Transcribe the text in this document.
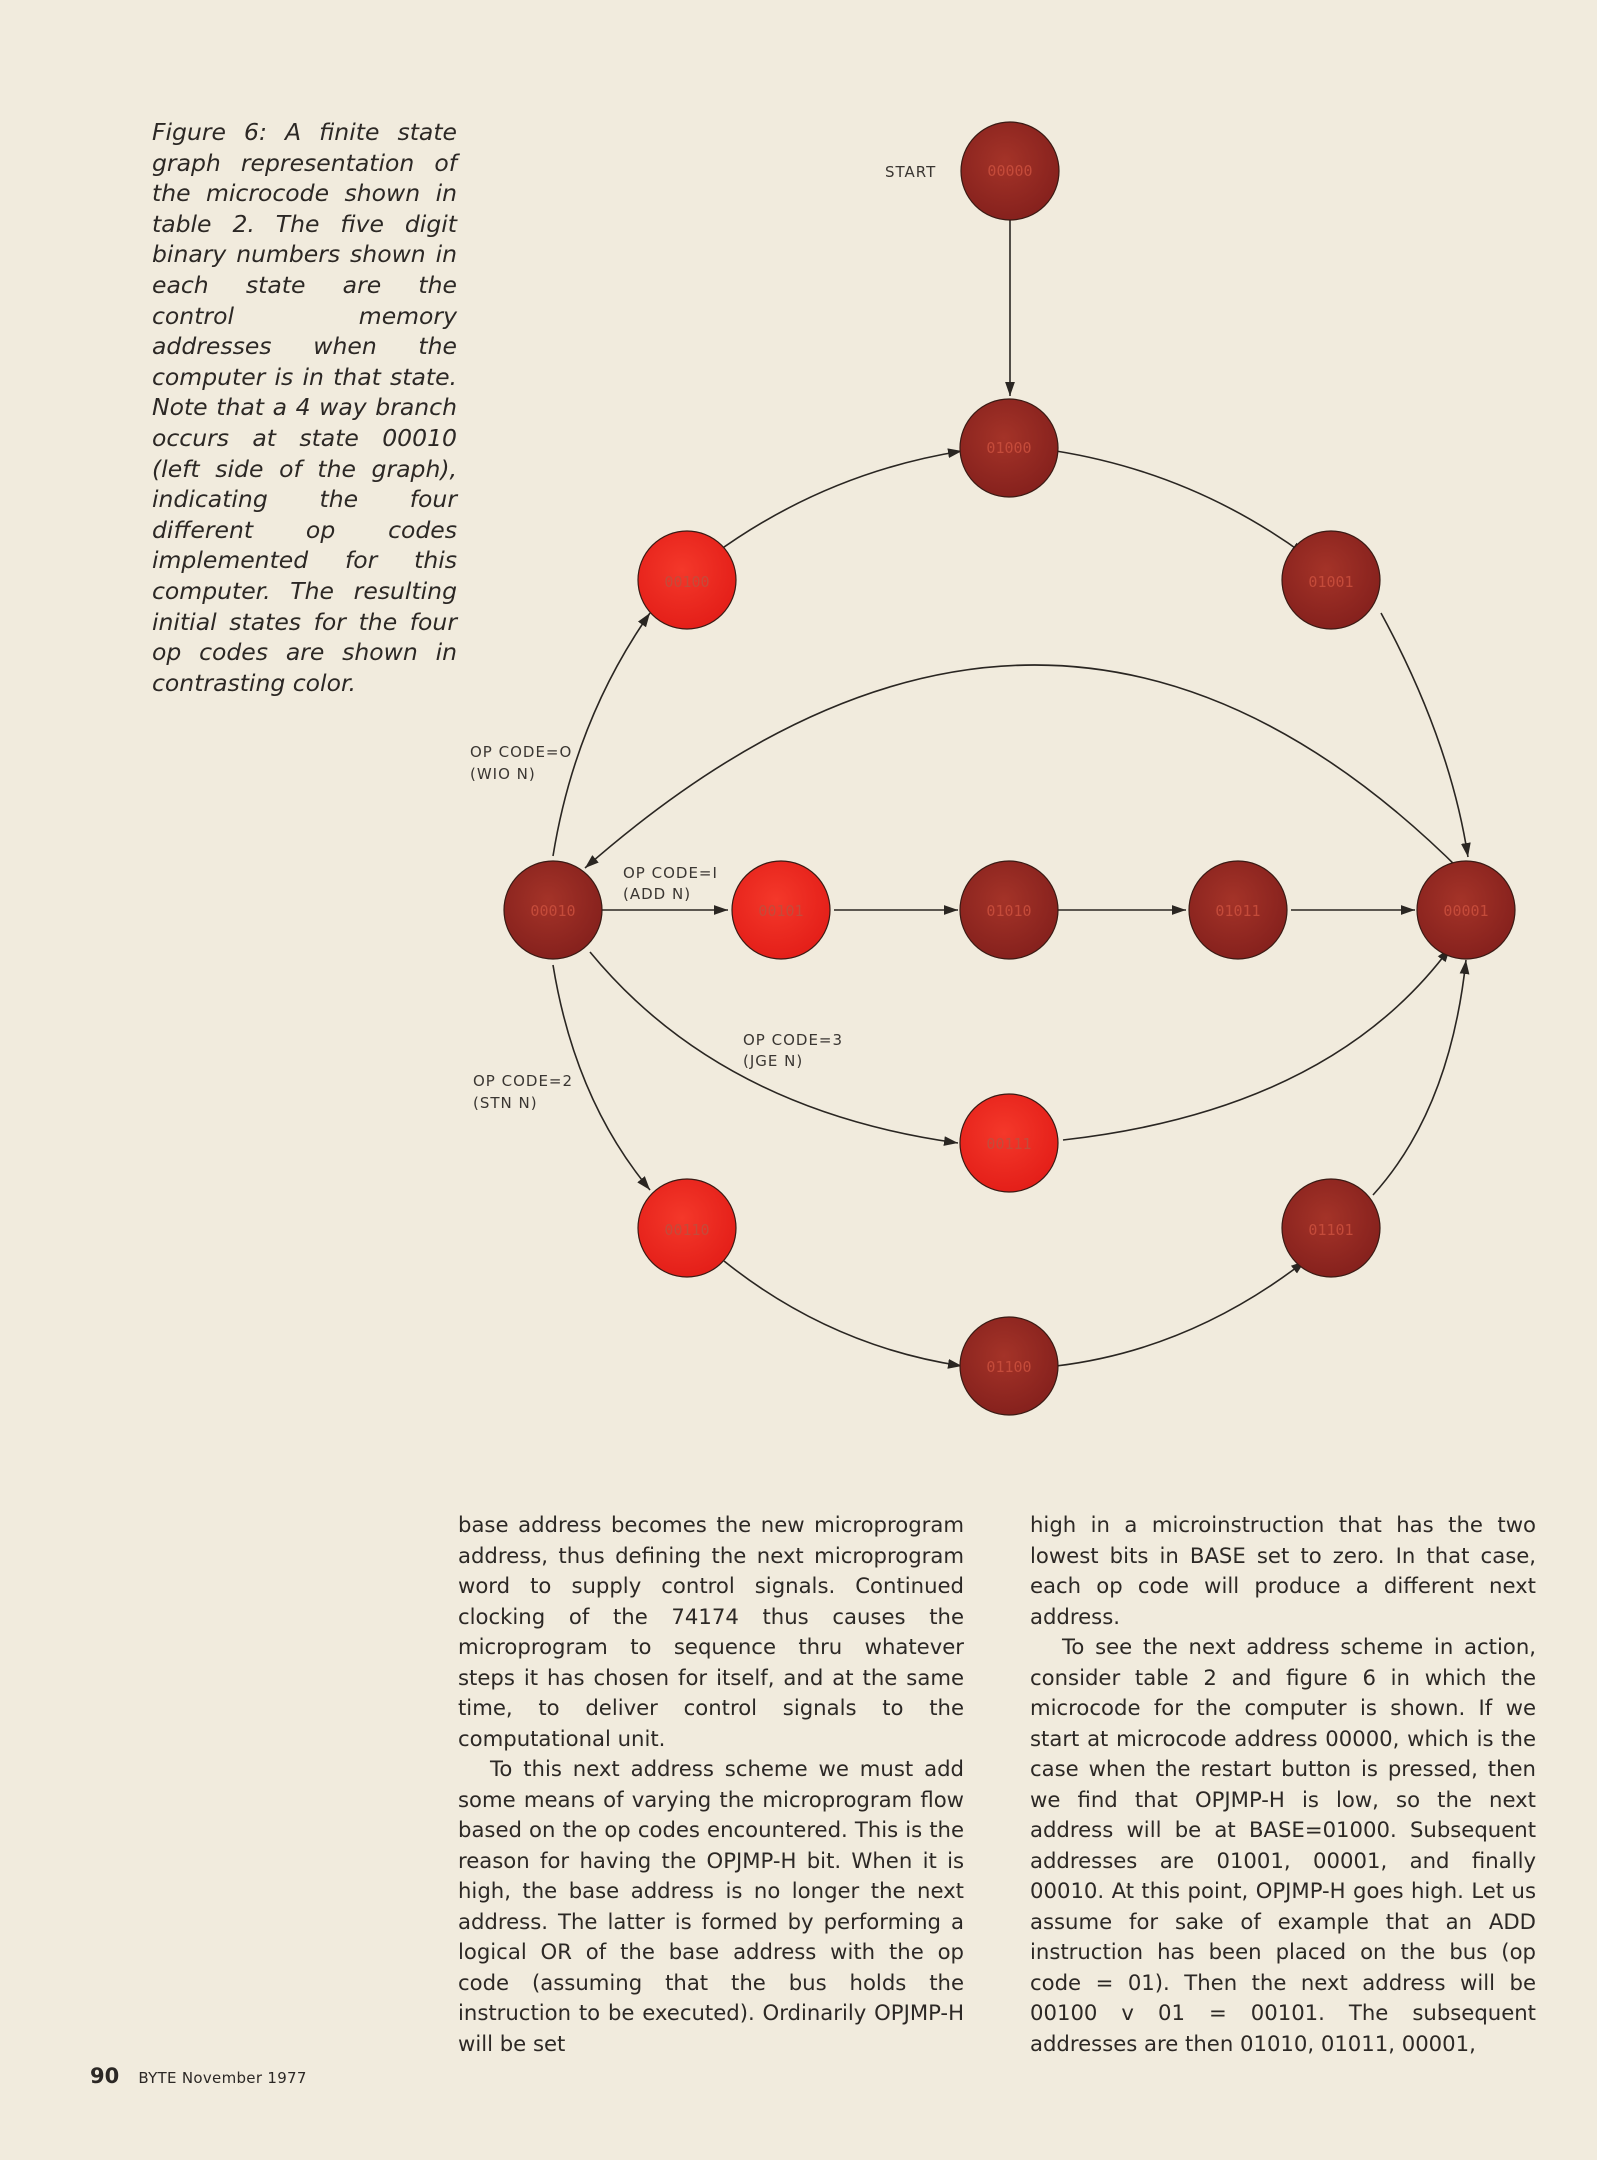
Figure 6: A finite state graph representation of the microcode shown in table 2. The five digit binary numbers shown in each state are the control memory addresses when the computer is in that state. Note that a 4 way branch occurs at state 00010 (left side of the graph), indicating the four different op codes implemented for this computer. The resulting initial states for the four op codes are shown in contrasting color.
START
OP CODE=O
(WIO N)
OP CODE=I
(ADD N)
OP CODE=3
(JGE N)
OP CODE=2
(STN N)
00000
01000
01001
00100
00010	00101	01010	01011	00001
00111
00110	01101
01100

base address becomes the new microprogram address, thus defining the next microprogram word to supply control signals. Continued clocking of the 74174 thus causes the microprogram to sequence thru whatever steps it has chosen for itself, and at the same time, to deliver control signals to the computational unit.

To this next address scheme we must add some means of varying the microprogram flow based on the op codes encountered. This is the reason for having the OPJMP-H bit. When it is high, the base address is no longer the next address. The latter is formed by performing a logical OR of the base address with the op code (assuming that the bus holds the instruction to be executed). Ordinarily OPJMP-H will be set

high in a microinstruction that has the two lowest bits in BASE set to zero. In that case, each op code will produce a different next address.

To see the next address scheme in action, consider table 2 and figure 6 in which the microcode for the computer is shown. If we start at microcode address 00000, which is the case when the restart button is pressed, then we find that OPJMP-H is low, so the next address will be at BASE=01000. Subsequent addresses are 01001, 00001, and finally 00010. At this point, OPJMP-H goes high. Let us assume for sake of example that an ADD instruction has been placed on the bus (op code = 01). Then the next address will be 00100 v 01 = 00101. The subsequent addresses are then 01010, 01011, 00001,

90 BYTE November 1977
